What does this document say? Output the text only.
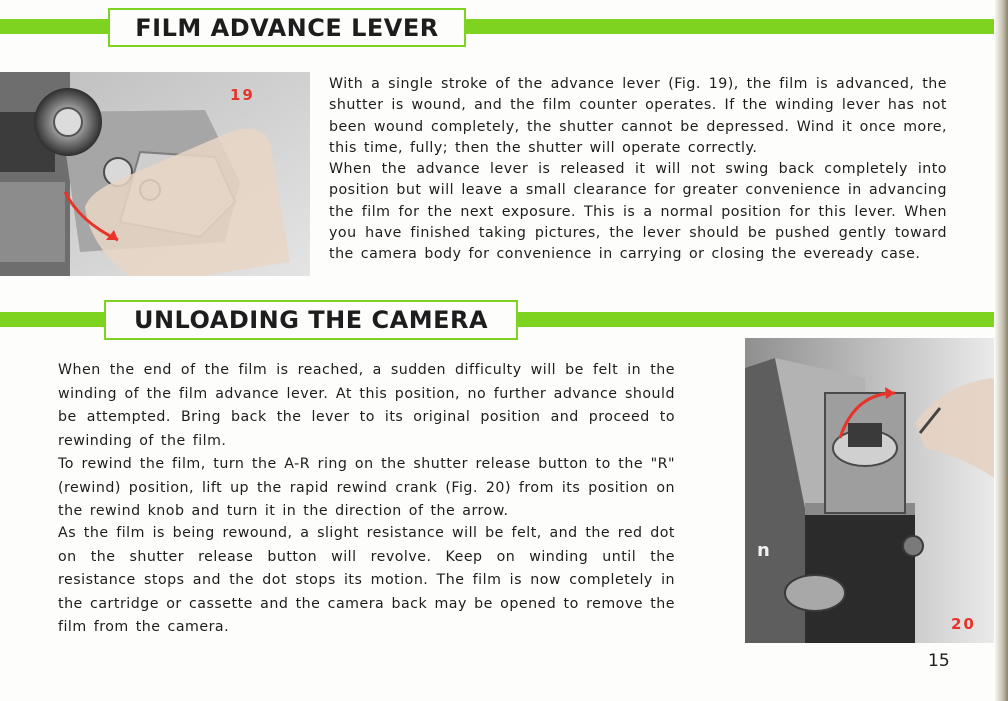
FILM ADVANCE LEVER
19

With a single stroke of the advance lever (Fig. 19), the film is advanced, the shutter is wound, and the film counter operates. If the winding lever has not been wound completely, the shutter cannot be depressed. Wind it once more, this time, fully; then the shutter will operate correctly.

When the advance lever is released it will not swing back completely into position but will leave a small clearance for greater convenience in advancing the film for the next exposure. This is a normal position for this lever. When you have finished taking pictures, the lever should be pushed gently toward the camera body for convenience in carrying or closing the eveready case.

UNLOADING THE CAMERA

When the end of the film is reached, a sudden difficulty will be felt in the winding of the film advance lever. At this position, no further advance should be attempted. Bring back the lever to its original position and proceed to rewinding of the film.

To rewind the film, turn the A-R ring on the shutter release button to the "R" (rewind) position, lift up the rapid rewind crank (Fig. 20) from its position on the rewind knob and turn it in the direction of the arrow.

As the film is being rewound, a slight resistance will be felt, and the red dot on the shutter release button will revolve. Keep on winding until the resistance stops and the dot stops its motion. The film is now completely in the cartridge or cassette and the camera back may be opened to remove the film from the camera.

n
20
15
